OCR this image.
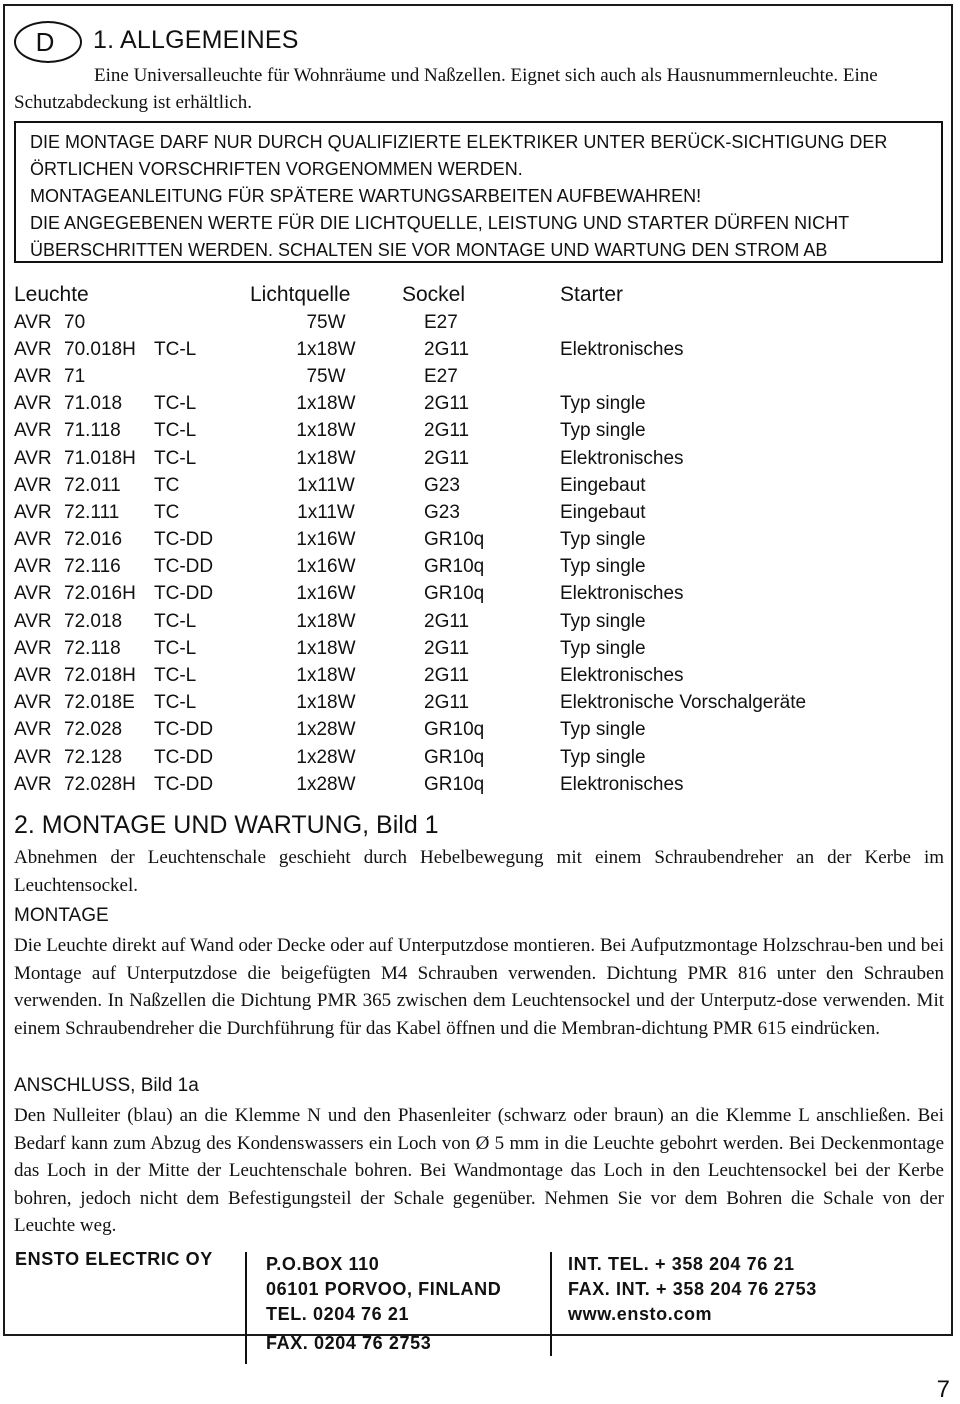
D	1. ALLGEMEINES
Eine Universalleuchte für Wohnräume und Naßzellen. Eignet sich auch als Hausnummernleuchte. Eine Schutzabdeckung ist erhältlich.
DIE MONTAGE DARF NUR DURCH QUALIFIZIERTE ELEKTRIKER UNTER BERÜCK-SICHTIGUNG DER
ÖRTLICHEN VORSCHRIFTEN VORGENOMMEN WERDEN.
MONTAGEANLEITUNG FÜR SPÄTERE WARTUNGSARBEITEN AUFBEWAHREN!
DIE ANGEGEBENEN WERTE FÜR DIE LICHTQUELLE, LEISTUNG UND STARTER DÜRFEN NICHT
ÜBERSCHRITTEN WERDEN. SCHALTEN SIE VOR MONTAGE UND WARTUNG DEN STROM AB
Leuchte			Lichtquelle	Sockel	Starter
AVR	70		75W	E27	
AVR	70.018H	TC-L	1x18W	2G11	Elektronisches
AVR	71		75W	E27	
AVR	71.018	TC-L	1x18W	2G11	Typ single
AVR	71.118	TC-L	1x18W	2G11	Typ single
AVR	71.018H	TC-L	1x18W	2G11	Elektronisches
AVR	72.011	TC	1x11W	G23	Eingebaut
AVR	72.111	TC	1x11W	G23	Eingebaut
AVR	72.016	TC-DD	1x16W	GR10q	Typ single
AVR	72.116	TC-DD	1x16W	GR10q	Typ single
AVR	72.016H	TC-DD	1x16W	GR10q	Elektronisches
AVR	72.018	TC-L	1x18W	2G11	Typ single
AVR	72.118	TC-L	1x18W	2G11	Typ single
AVR	72.018H	TC-L	1x18W	2G11	Elektronisches
AVR	72.018E	TC-L	1x18W	2G11	Elektronische Vorschalgeräte
AVR	72.028	TC-DD	1x28W	GR10q	Typ single
AVR	72.128	TC-DD	1x28W	GR10q	Typ single
AVR	72.028H	TC-DD	1x28W	GR10q	Elektronisches
2. MONTAGE UND WARTUNG, Bild 1
Abnehmen der Leuchtenschale geschieht durch Hebelbewegung mit einem Schraubendreher an der Kerbe im Leuchtensockel.
MONTAGE
Die Leuchte direkt auf Wand oder Decke oder auf Unterputzdose montieren. Bei Aufputzmontage Holzschrau-ben und bei Montage auf Unterputzdose die beigefügten M4 Schrauben verwenden. Dichtung PMR 816 unter den Schrauben verwenden. In Naßzellen die Dichtung PMR 365 zwischen dem Leuchtensockel und der Unterputz-dose verwenden. Mit einem Schraubendreher die Durchführung für das Kabel öffnen und die Membran-dichtung PMR 615 eindrücken.
ANSCHLUSS, Bild 1a
Den Nulleiter (blau) an die Klemme N und den Phasenleiter (schwarz oder braun) an die Klemme L anschließen. Bei Bedarf kann zum Abzug des Kondenswassers ein Loch von Ø 5 mm in die Leuchte gebohrt werden. Bei Deckenmontage das Loch in der Mitte der Leuchtenschale bohren. Bei Wandmontage das Loch in den Leuchtensockel bei der Kerbe bohren, jedoch nicht dem Befestigungsteil der Schale gegenüber. Nehmen Sie vor dem Bohren die Schale von der Leuchte weg.
ENSTO ELECTRIC OY	P.O.BOX 110
06101 PORVOO, FINLAND
TEL. 0204 76 21
FAX. 0204 76 2753
INT. TEL. + 358 204 76 21
FAX. INT. + 358 204 76 2753
www.ensto.com
7
